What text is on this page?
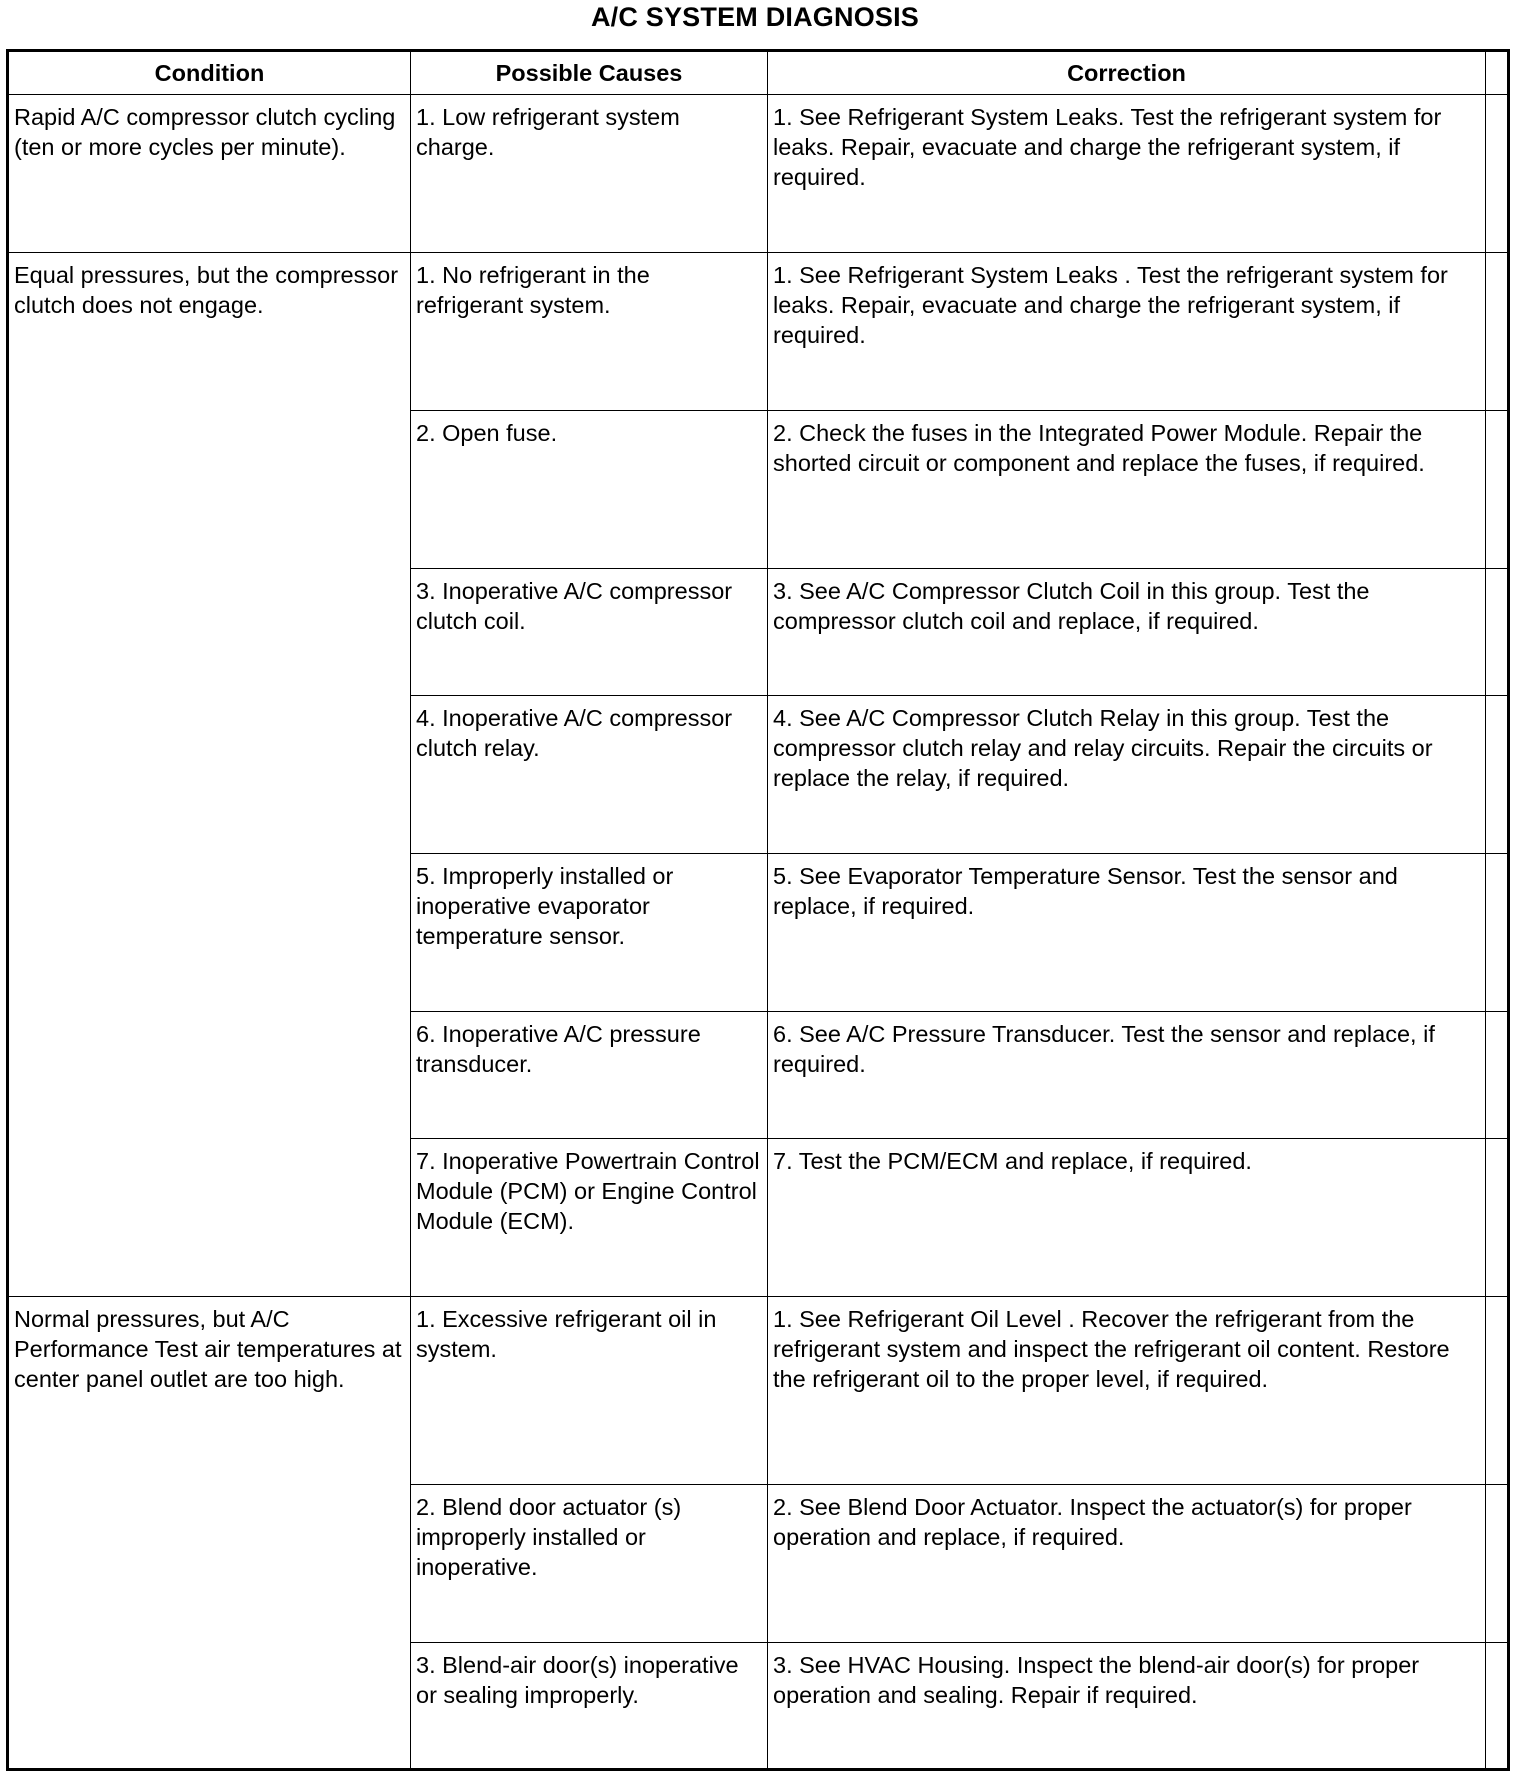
A/C SYSTEM DIAGNOSIS
Condition	Possible Causes	Correction	
Rapid A/C compressor clutch cycling (ten or more cycles per minute).	1. Low refrigerant system charge.	1. See Refrigerant System Leaks. Test the refrigerant system for leaks. Repair, evacuate and charge the refrigerant system, if required.	
Equal pressures, but the compressor clutch does not engage.	1. No refrigerant in the refrigerant system.	1. See Refrigerant System Leaks . Test the refrigerant system for leaks. Repair, evacuate and charge the refrigerant system, if required.	
	2. Open fuse.	2. Check the fuses in the Integrated Power Module. Repair the shorted circuit or component and replace the fuses, if required.	
	3. Inoperative A/C compressor clutch coil.	3. See A/C Compressor Clutch Coil in this group. Test the compressor clutch coil and replace, if required.	
	4. Inoperative A/C compressor clutch relay.	4. See A/C Compressor Clutch Relay in this group. Test the compressor clutch relay and relay circuits. Repair the circuits or replace the relay, if required.	
	5. Improperly installed or inoperative evaporator temperature sensor.	5. See Evaporator Temperature Sensor. Test the sensor and replace, if required.	
	6. Inoperative A/C pressure transducer.	6. See A/C Pressure Transducer. Test the sensor and replace, if required.	
	7. Inoperative Powertrain Control Module (PCM) or Engine Control Module (ECM).	7. Test the PCM/ECM and replace, if required.	
Normal pressures, but A/C Performance Test air temperatures at center panel outlet are too high.	1. Excessive refrigerant oil in system.	1. See Refrigerant Oil Level . Recover the refrigerant from the refrigerant system and inspect the refrigerant oil content. Restore the refrigerant oil to the proper level, if required.	
	2. Blend door actuator (s) improperly installed or inoperative.	2. See Blend Door Actuator. Inspect the actuator(s) for proper operation and replace, if required.	
	3. Blend-air door(s) inoperative or sealing improperly.	3. See HVAC Housing. Inspect the blend-air door(s) for proper operation and sealing. Repair if required.	
